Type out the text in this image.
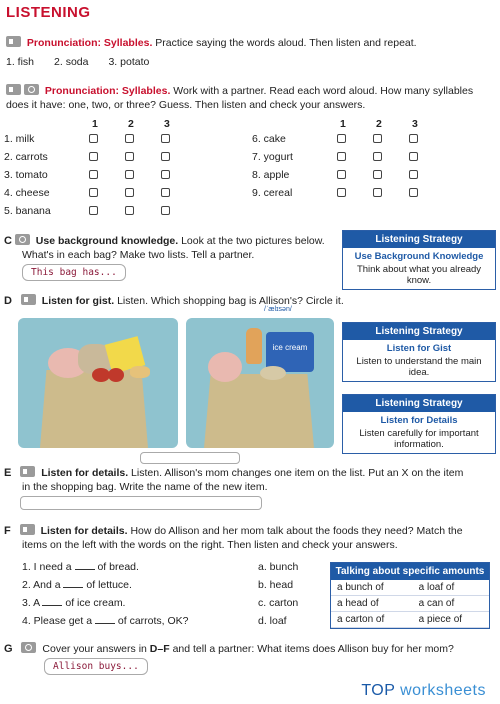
LISTENING
Pronunciation: Syllables. Practice saying the words aloud. Then listen and repeat.
1. fish 2. soda 3. potato
Pronunciation: Syllables. Work with a partner. Read each word aloud. How many syllables
does it have: one, two, or three? Guess. Then listen and check your answers.
1	2	3	1	2	3
1. milk
2. carrots
3. tomato
4. cheese
5. banana
6. cake
7. yogurt
8. apple
9. cereal
C Use background knowledge. Look at the two pictures below.
What's in each bag? Make two lists. Tell a partner.
This bag has...
Listening Strategy
Use Background Knowledge
Think about what you already know.
D	Listen for gist. Listen. Which shopping bag is Allison's? Circle it.
/ˈælɪsən/
ice cream
Listening Strategy
Listen for Gist
Listen to understand the main idea.
Listening Strategy
Listen for Details
Listen carefully for important information.
E	Listen for details. Listen. Allison's mom changes one item on the list. Put an X on the item
in the shopping bag. Write the name of the new item.
F	Listen for details. How do Allison and her mom talk about the foods they need? Match the
items on the left with the words on the right. Then listen and check your answers.
1. I need a of bread.
2. And a of lettuce.
3. A of ice cream.
4. Please get a of carrots, OK?
a. bunch
b. head
c. carton
d. loaf
Talking about specific amounts
a bunch of	a loaf of
a head of	a can of
a carton of	a piece of
G	Cover your answers in D–F and tell a partner: What items does Allison buy for her mom?
Allison buys...
TOP worksheets
